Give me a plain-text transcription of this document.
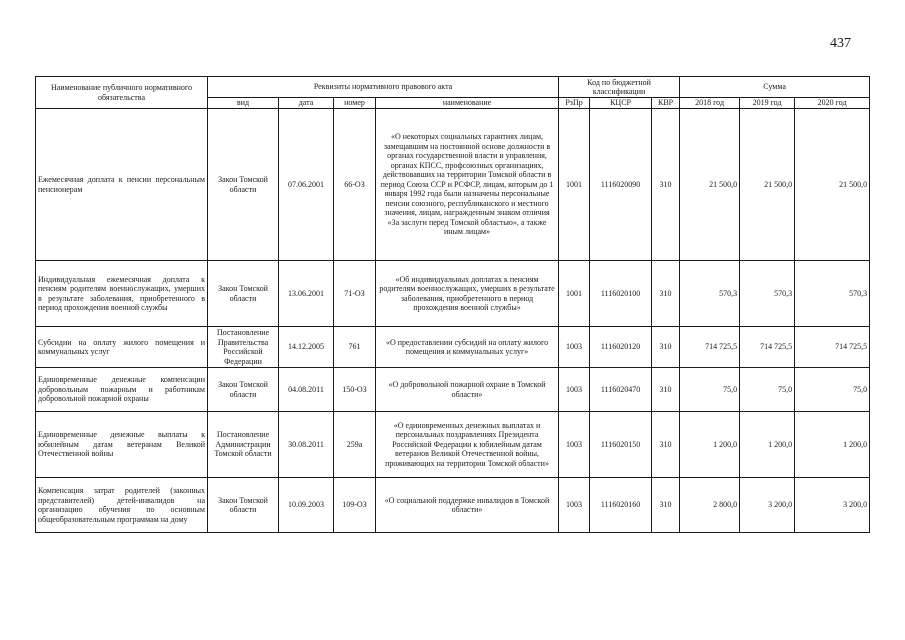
437
Наименование публичного нормативного обязательства	Реквизиты нормативного правового акта				Код по бюджетной классификации			Сумма		
	вид	дата	номер	наименование	РзПр	КЦСР	КВР	2018 год	2019 год	2020 год
Ежемесячная доплата к пенсии персональным пенсионерам	Закон Томской области	07.06.2001	66-ОЗ	«О некоторых социальных гарантиях лицам, замещавшим на постоянной основе должности в органах государственной власти и управления, органах КПСС, профсоюзных организациях, действовавших на территории Томской области в период Союза ССР и РСФСР, лицам, которым до 1 января 1992 года были назначены персональные пенсии союзного, республиканского и местного значения, лицам, награжденным знаком отличия «За заслуги перед Томской областью», а также иным лицам»	1001	1116020090	310	21 500,0	21 500,0	21 500,0
Индивидуальная ежемесячная доплата к пенсиям родителям военнослужащих, умерших в результате заболевания, приобретенного в период прохождения военной службы	Закон Томской области	13.06.2001	71-ОЗ	«Об индивидуальных доплатах к пенсиям родителям военнослужащих, умерших в результате заболевания, приобретенного в период прохождения военной службы»	1001	1116020100	310	570,3	570,3	570,3
Субсидии на оплату жилого помещения и коммунальных услуг	Постановление Правительства Российской Федерации	14.12.2005	761	«О предоставлении субсидий на оплату жилого помещения и коммунальных услуг»	1003	1116020120	310	714 725,5	714 725,5	714 725,5
Единовременные денежные компенсации добровольным пожарным и работникам добровольной пожарной охраны	Закон Томской области	04.08.2011	150-ОЗ	«О добровольной пожарной охране в Томской области»	1003	1116020470	310	75,0	75,0	75,0
Единовременные денежные выплаты к юбилейным датам ветеранам Великой Отечественной войны	Постановление Администрации Томской области	30.08.2011	259а	«О единовременных денежных выплатах и персональных поздравлениях Президента Российской Федерации к юбилейным датам ветеранов Великой Отечественной войны, проживающих на территории Томской области»	1003	1116020150	310	1 200,0	1 200,0	1 200,0
Компенсация затрат родителей (законных представителей) детей-инвалидов на организацию обучения по основным общеобразовательным программам на дому	Закон Томской области	10.09.2003	109-ОЗ	«О социальной поддержке инвалидов в Томской области»	1003	1116020160	310	2 800,0	3 200,0	3 200,0
